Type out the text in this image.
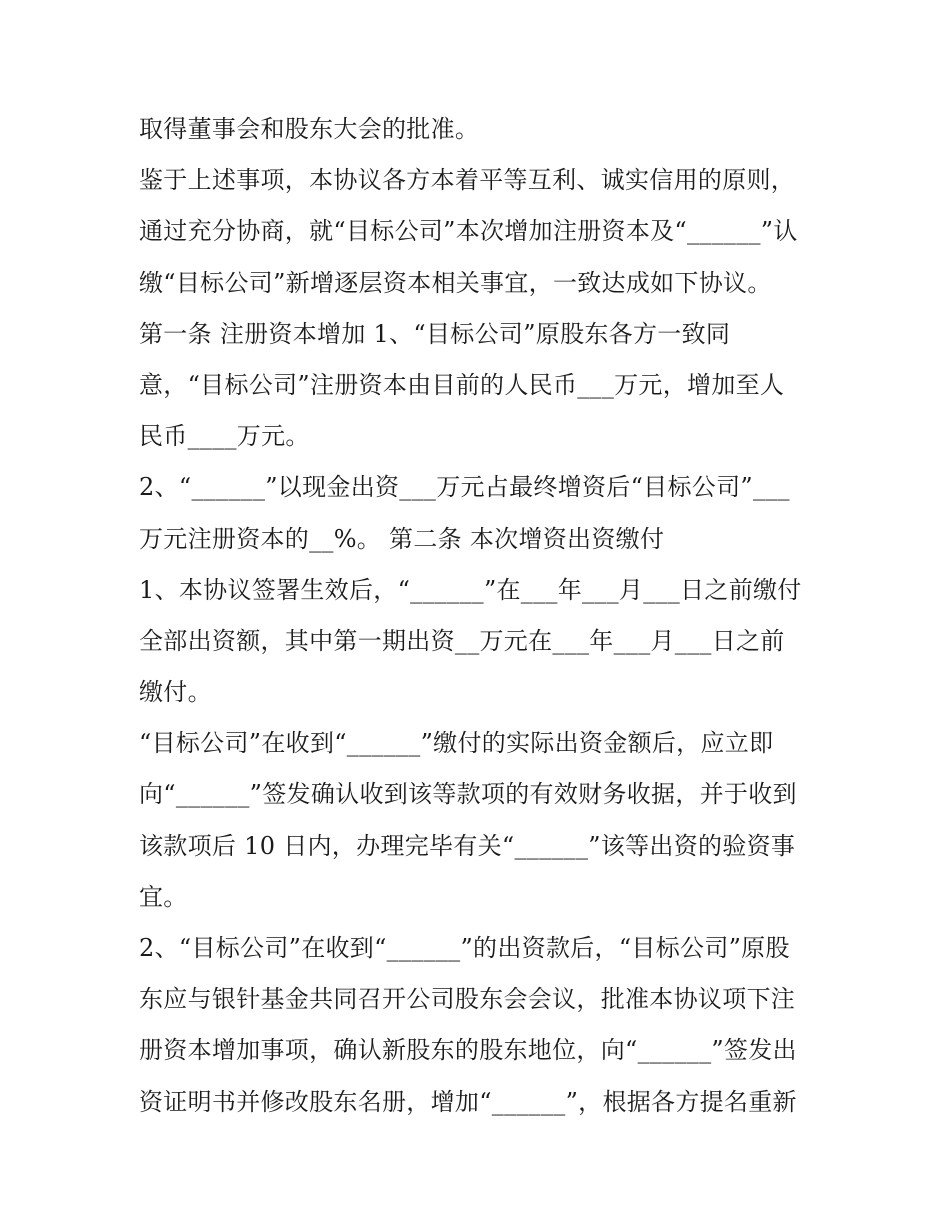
取得董事会和股东大会的批准。
鉴于上述事项，本协议各方本着平等互利、诚实信用的原则，
通过充分协商，就“目标公司”本次增加注册资本及“______”认
缴“目标公司”新增逐层资本相关事宜，一致达成如下协议。
第一条 注册资本增加 1、“目标公司”原股东各方一致同
意，“目标公司”注册资本由目前的人民币___万元，增加至人
民币____万元。
2、“______”以现金出资___万元占最终增资后“目标公司”___
万元注册资本的__%。 第二条 本次增资出资缴付
1、本协议签署生效后，“______”在___年___月___日之前缴付
全部出资额，其中第一期出资__万元在___年___月___日之前
缴付。
“目标公司”在收到“______”缴付的实际出资金额后，应立即
向“______”签发确认收到该等款项的有效财务收据，并于收到
该款项后 10 日内，办理完毕有关“______”该等出资的验资事
宜。
2、“目标公司”在收到“______”的出资款后，“目标公司”原股
东应与银针基金共同召开公司股东会会议，批准本协议项下注
册资本增加事项，确认新股东的股东地位，向“______”签发出
资证明书并修改股东名册，增加“______”，根据各方提名重新
